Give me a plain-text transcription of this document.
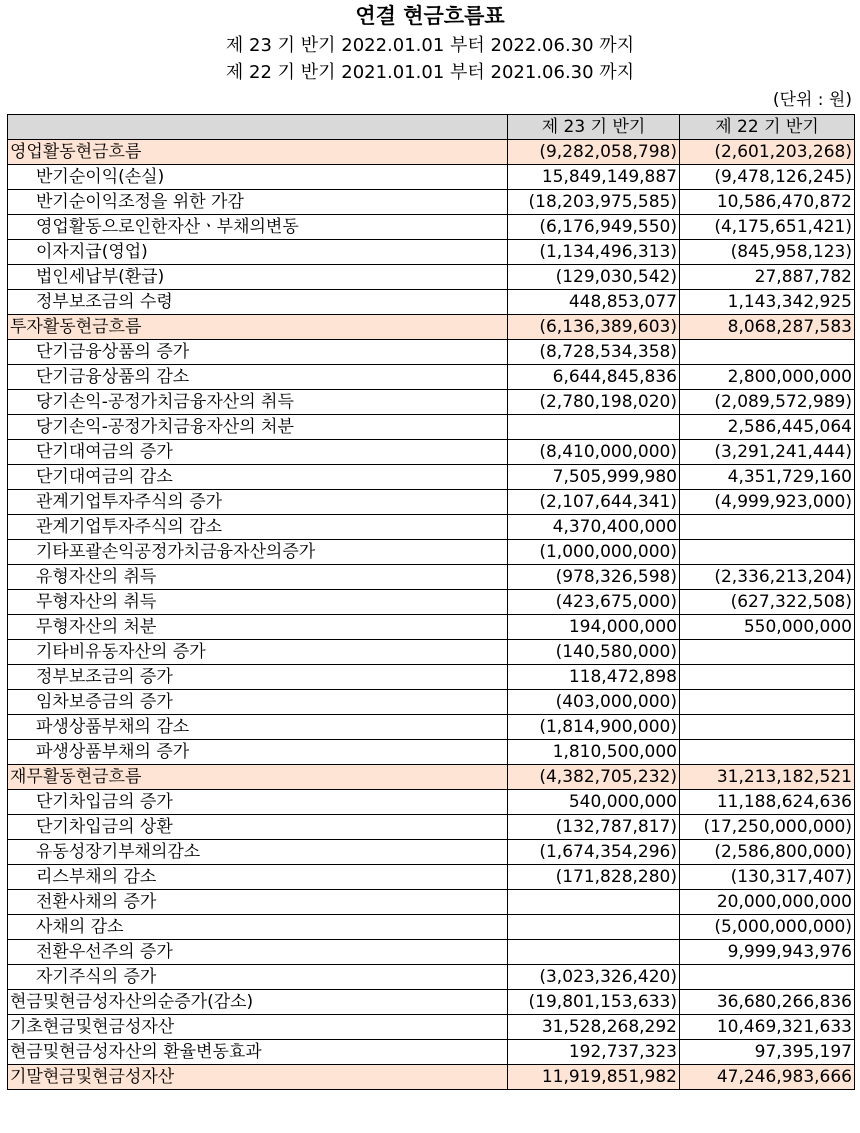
연결 현금흐름표
제 23 기 반기 2022.01.01 부터 2022.06.30 까지
제 22 기 반기 2021.01.01 부터 2021.06.30 까지
(단위 : 원)
	제 23 기 반기	제 22 기 반기
영업활동현금흐름	(9,282,058,798)	(2,601,203,268)
반기순이익(손실)	15,849,149,887	(9,478,126,245)
반기순이익조정을 위한 가감	(18,203,975,585)	10,586,470,872
영업활동으로인한자산ㆍ부채의변동	(6,176,949,550)	(4,175,651,421)
이자지급(영업)	(1,134,496,313)	(845,958,123)
법인세납부(환급)	(129,030,542)	27,887,782
정부보조금의 수령	448,853,077	1,143,342,925
투자활동현금흐름	(6,136,389,603)	8,068,287,583
단기금융상품의 증가	(8,728,534,358)	
단기금융상품의 감소	6,644,845,836	2,800,000,000
당기손익-공정가치금융자산의 취득	(2,780,198,020)	(2,089,572,989)
당기손익-공정가치금융자산의 처분		2,586,445,064
단기대여금의 증가	(8,410,000,000)	(3,291,241,444)
단기대여금의 감소	7,505,999,980	4,351,729,160
관계기업투자주식의 증가	(2,107,644,341)	(4,999,923,000)
관계기업투자주식의 감소	4,370,400,000	
기타포괄손익공정가치금융자산의증가	(1,000,000,000)	
유형자산의 취득	(978,326,598)	(2,336,213,204)
무형자산의 취득	(423,675,000)	(627,322,508)
무형자산의 처분	194,000,000	550,000,000
기타비유동자산의 증가	(140,580,000)	
정부보조금의 증가	118,472,898	
임차보증금의 증가	(403,000,000)	
파생상품부채의 감소	(1,814,900,000)	
파생상품부채의 증가	1,810,500,000	
재무활동현금흐름	(4,382,705,232)	31,213,182,521
단기차입금의 증가	540,000,000	11,188,624,636
단기차입금의 상환	(132,787,817)	(17,250,000,000)
유동성장기부채의감소	(1,674,354,296)	(2,586,800,000)
리스부채의 감소	(171,828,280)	(130,317,407)
전환사채의 증가		20,000,000,000
사채의 감소		(5,000,000,000)
전환우선주의 증가		9,999,943,976
자기주식의 증가	(3,023,326,420)	
현금및현금성자산의순증가(감소)	(19,801,153,633)	36,680,266,836
기초현금및현금성자산	31,528,268,292	10,469,321,633
현금및현금성자산의 환율변동효과	192,737,323	97,395,197
기말현금및현금성자산	11,919,851,982	47,246,983,666
